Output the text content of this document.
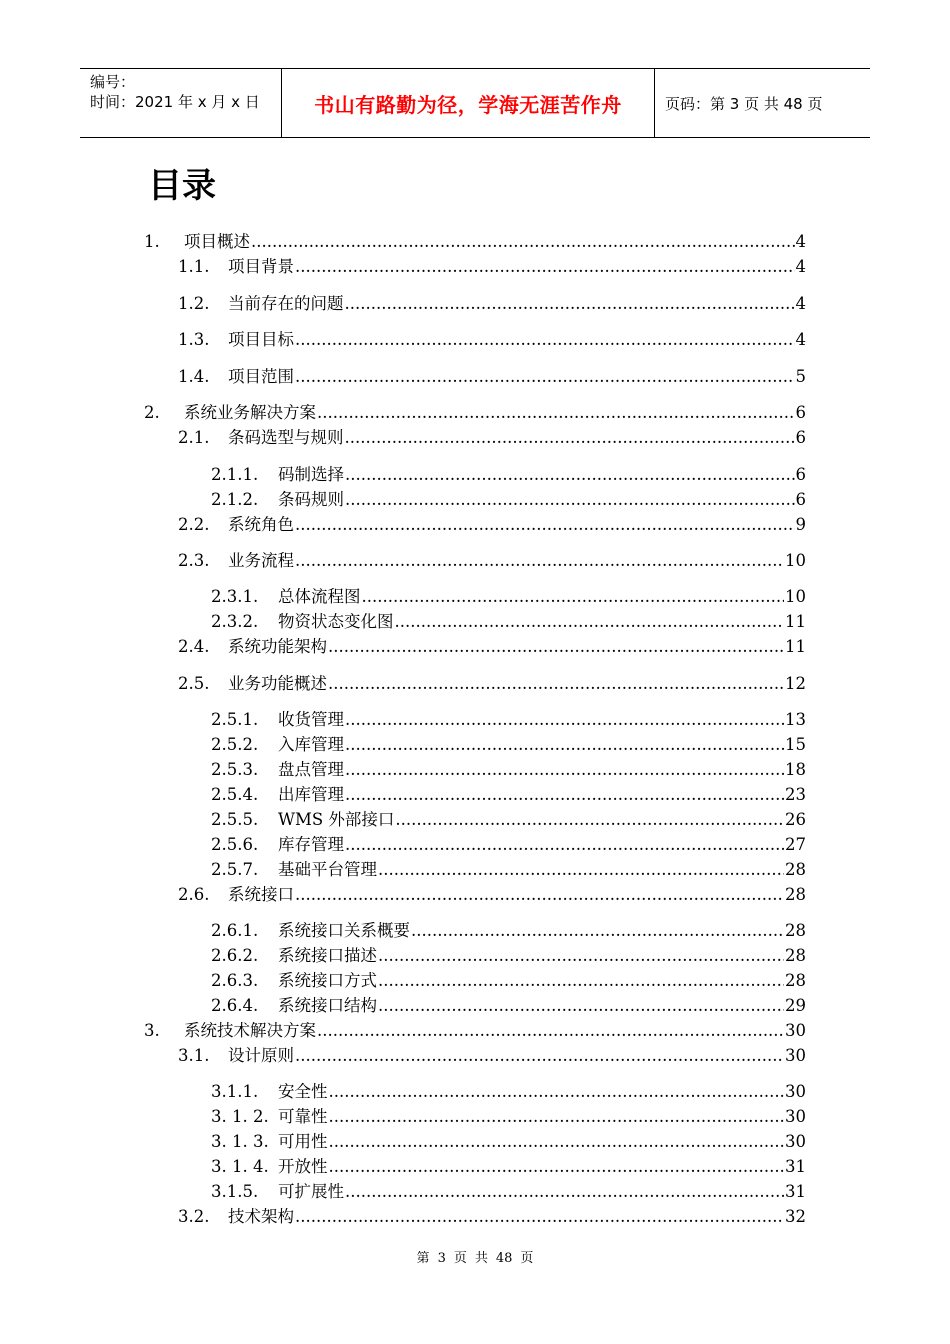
编号：
时间：2021 年 x 月 x 日	书山有路勤为径，学海无涯苦作舟	页码：第 3 页 共 48 页
目录
1.	项目概述 .....	4
1.1.	项目背景 .....	4
1.2.	当前存在的问题 .....	4
1.3.	项目目标 .....	4
1.4.	项目范围 .....	5
2.	系统业务解决方案 .....	6
2.1.	条码选型与规则 .....	6
2.1.1.	码制选择 .....	6
2.1.2.	条码规则 .....	6
2.2.	系统角色 .....	9
2.3.	业务流程 .....	10
2.3.1.	总体流程图 .....	10
2.3.2.	物资状态变化图 .....	11
2.4.	系统功能架构 .....	11
2.5.	业务功能概述 .....	12
2.5.1.	收货管理 .....	13
2.5.2.	入库管理 .....	15
2.5.3.	盘点管理 .....	18
2.5.4.	出库管理 .....	23
2.5.5.	WMS 外部接口 .....	26
2.5.6.	库存管理 .....	27
2.5.7.	基础平台管理 .....	28
2.6.	系统接口 .....	28
2.6.1.	系统接口关系概要 .....	28
2.6.2.	系统接口描述 .....	28
2.6.3.	系统接口方式 .....	28
2.6.4.	系统接口结构 .....	29
3.	系统技术解决方案 .....	30
3.1.	设计原则 .....	30
3.1.1.	安全性 .....	30
3. 1. 2. 可靠性 .....	30
3. 1. 3. 可用性 .....	30
3. 1. 4. 开放性 .....	31
3.1.5.	可扩展性 .....	31
3.2.	技术架构 .....	32
第 3 页 共 48 页
